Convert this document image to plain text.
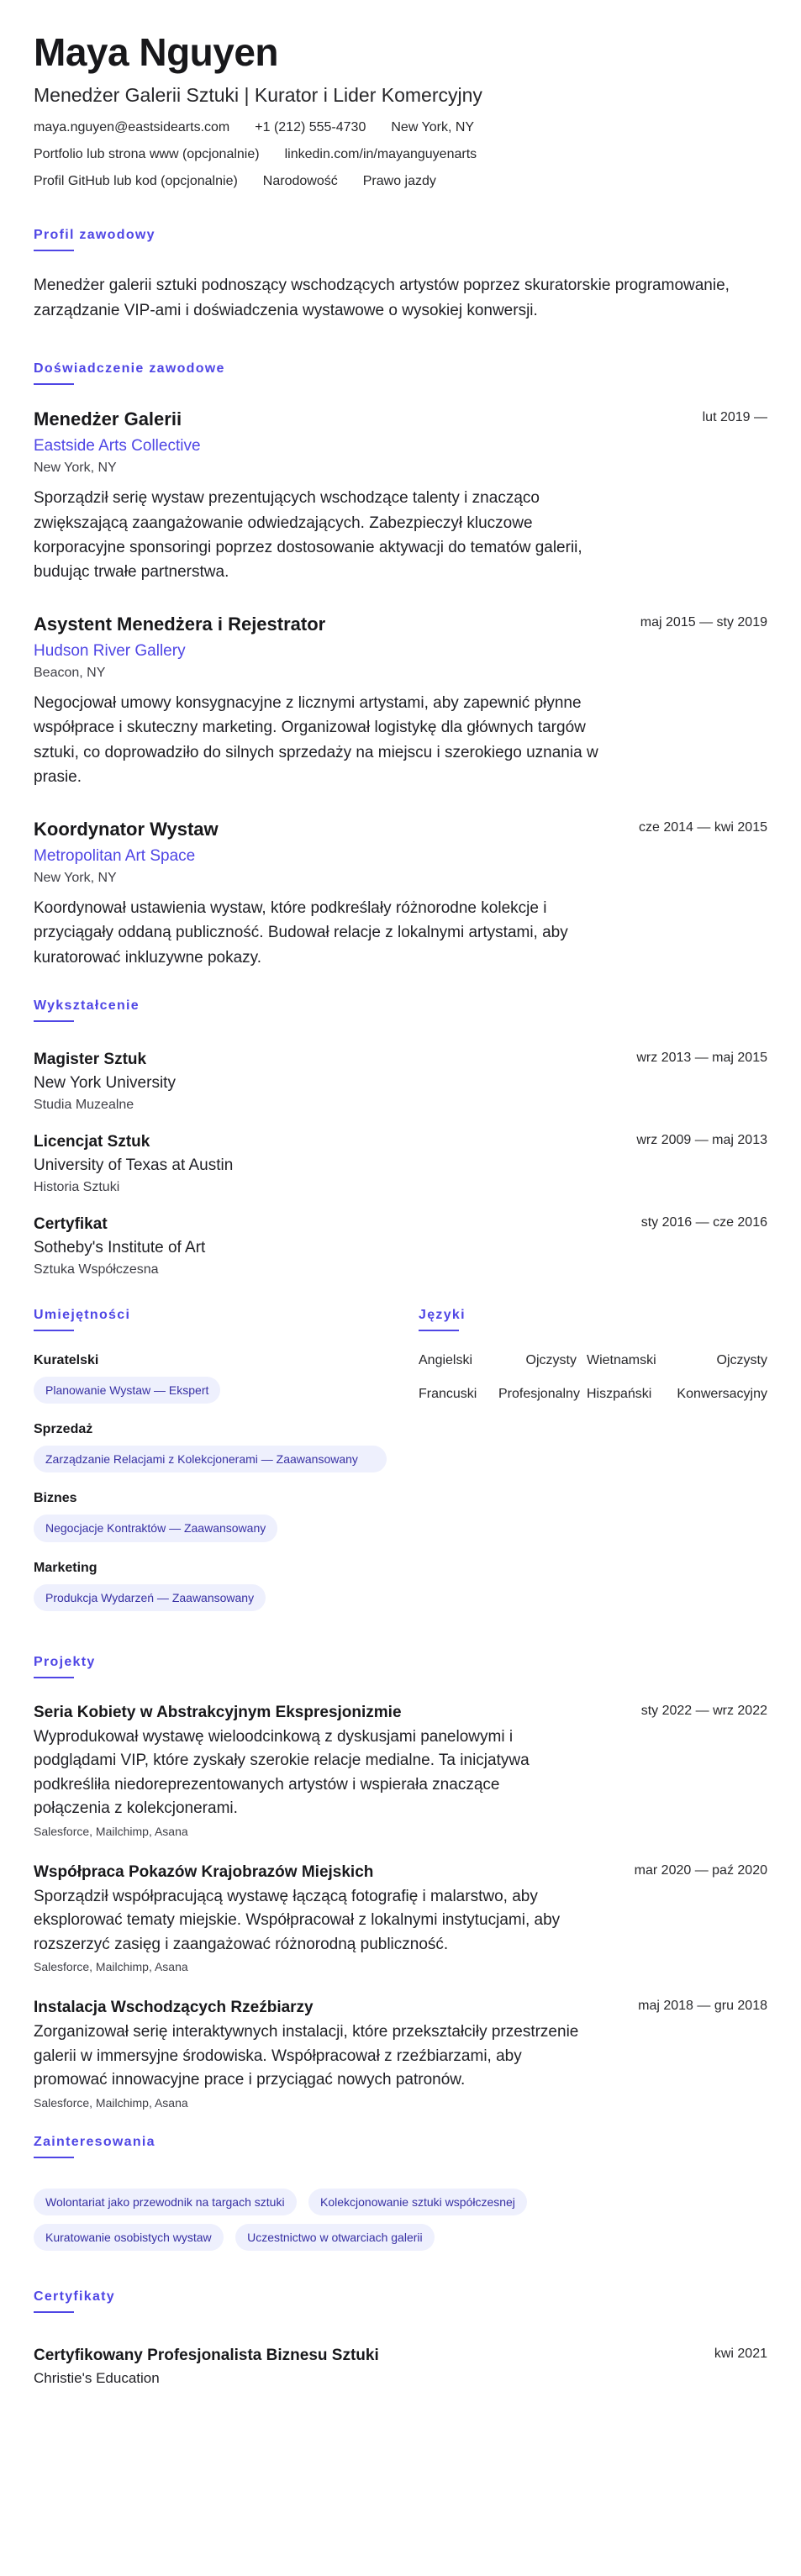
Maya Nguyen
Menedżer Galerii Sztuki | Kurator i Lider Komercyjny
maya.nguyen@eastsidearts.com +1 (212) 555-4730 New York, NY
Portfolio lub strona www (opcjonalnie) linkedin.com/in/mayanguyenarts
Profil GitHub lub kod (opcjonalnie) Narodowość Prawo jazdy
Profil zawodowy

Menedżer galerii sztuki podnoszący wschodzących artystów poprzez skuratorskie programowanie, zarządzanie VIP-ami i doświadczenia wystawowe o wysokiej konwersji.

Doświadczenie zawodowe
Menedżer Galerii	lut 2019 —
Eastside Arts Collective
New York, NY

Sporządził serię wystaw prezentujących wschodzące talenty i znacząco zwiększającą zaangażowanie odwiedzających. Zabezpieczył kluczowe korporacyjne sponsoringi poprzez dostosowanie aktywacji do tematów galerii, budując trwałe partnerstwa.

Asystent Menedżera i Rejestrator	maj 2015 — sty 2019
Hudson River Gallery
Beacon, NY

Negocjował umowy konsygnacyjne z licznymi artystami, aby zapewnić płynne współprace i skuteczny marketing. Organizował logistykę dla głównych targów sztuki, co doprowadziło do silnych sprzedaży na miejscu i szerokiego uznania w prasie.

Koordynator Wystaw	cze 2014 — kwi 2015
Metropolitan Art Space
New York, NY

Koordynował ustawienia wystaw, które podkreślały różnorodne kolekcje i przyciągały oddaną publiczność. Budował relacje z lokalnymi artystami, aby kuratorować inkluzywne pokazy.

Wykształcenie
Magister Sztuk	wrz 2013 — maj 2015
New York University
Studia Muzealne
Licencjat Sztuk	wrz 2009 — maj 2013
University of Texas at Austin
Historia Sztuki
Certyfikat	sty 2016 — cze 2016
Sotheby's Institute of Art
Sztuka Współczesna
Umiejętności
Kuratelski
Planowanie Wystaw — Ekspert
Sprzedaż
Zarządzanie Relacjami z Kolekcjonerami — Zaawansowany
Biznes
Negocjacje Kontraktów — Zaawansowany
Marketing
Produkcja Wydarzeń — Zaawansowany
Języki
Angielski	Ojczysty Wietnamski	Ojczysty
Francuski	Profesjonalny Hiszpański	Konwersacyjny
Projekty
Seria Kobiety w Abstrakcyjnym Ekspresjonizmie	sty 2022 — wrz 2022

Wyprodukował wystawę wieloodcinkową z dyskusjami panelowymi i podglądami VIP, które zyskały szerokie relacje medialne. Ta inicjatywa podkreśliła niedoreprezentowanych artystów i wspierała znaczące połączenia z kolekcjonerami.

Salesforce, Mailchimp, Asana
Współpraca Pokazów Krajobrazów Miejskich	mar 2020 — paź 2020

Sporządził współpracującą wystawę łączącą fotografię i malarstwo, aby eksplorować tematy miejskie. Współpracował z lokalnymi instytucjami, aby rozszerzyć zasięg i zaangażować różnorodną publiczność.

Salesforce, Mailchimp, Asana
Instalacja Wschodzących Rzeźbiarzy	maj 2018 — gru 2018

Zorganizował serię interaktywnych instalacji, które przekształciły przestrzenie galerii w immersyjne środowiska. Współpracował z rzeźbiarzami, aby promować innowacyjne prace i przyciągać nowych patronów.

Salesforce, Mailchimp, Asana
Zainteresowania
Wolontariat jako przewodnik na targach sztuki	Kolekcjonowanie sztuki współczesnej Kuratowanie osobistych wystaw	Uczestnictwo w otwarciach galerii
Certyfikaty
Certyfikowany Profesjonalista Biznesu Sztuki	kwi 2021
Christie's Education
